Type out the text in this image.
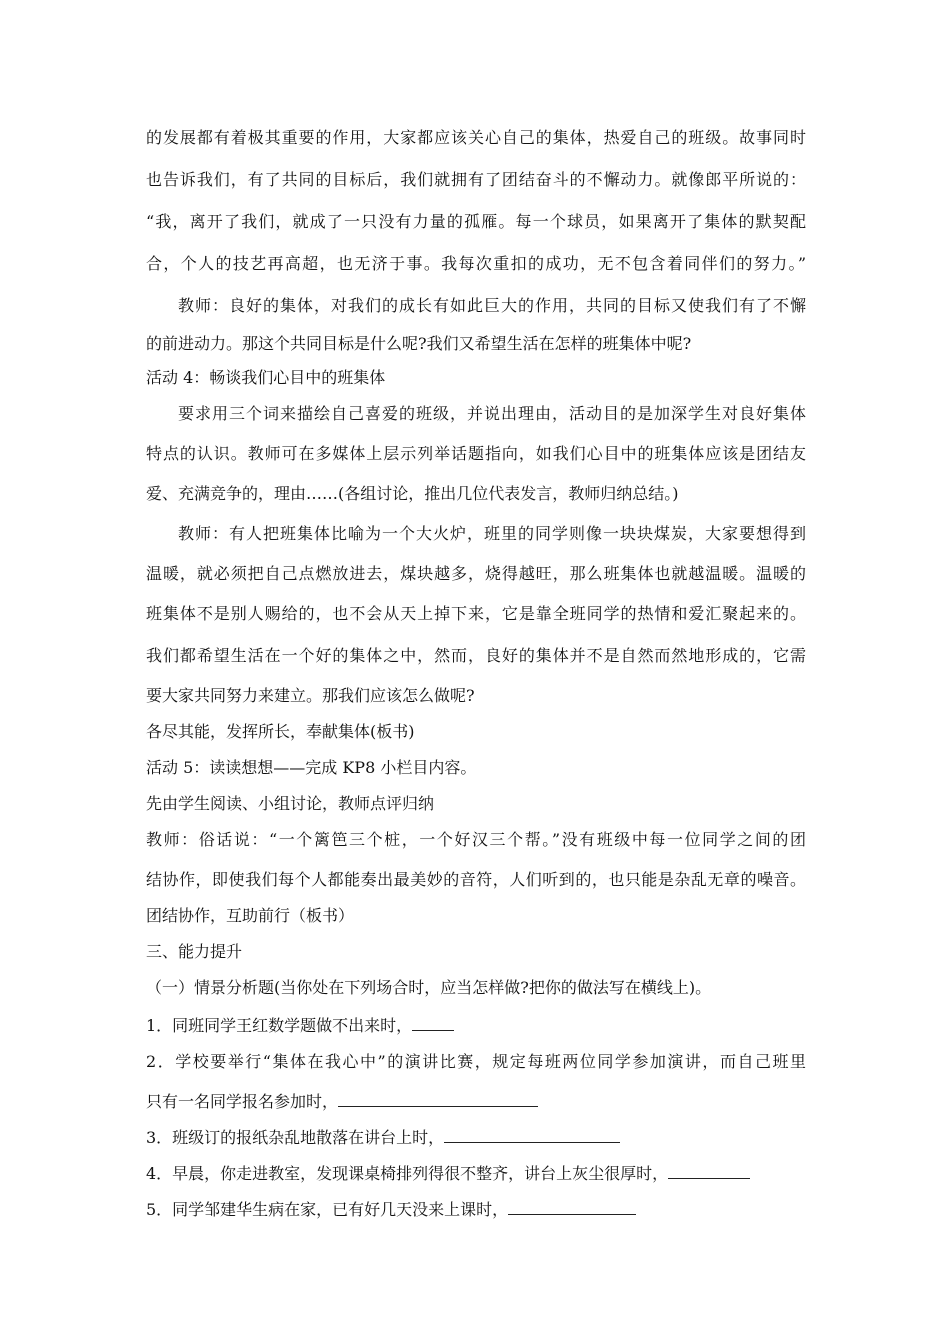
的发展都有着极其重要的作用，大家都应该关心自己的集体，热爱自己的班级。故事同时
也告诉我们，有了共同的目标后，我们就拥有了团结奋斗的不懈动力。就像郎平所说的：
“我，离开了我们，就成了一只没有力量的孤雁。每一个球员，如果离开了集体的默契配
合，个人的技艺再高超，也无济于事。我每次重扣的成功，无不包含着同伴们的努力。”
教师：良好的集体，对我们的成长有如此巨大的作用，共同的目标又使我们有了不懈
的前进动力。那这个共同目标是什么呢?我们又希望生活在怎样的班集体中呢?
活动 4：畅谈我们心目中的班集体
要求用三个词来描绘自己喜爱的班级，并说出理由，活动目的是加深学生对良好集体
特点的认识。教师可在多媒体上层示列举话题指向，如我们心目中的班集体应该是团结友
爱、充满竞争的，理由……(各组讨论，推出几位代表发言，教师归纳总结。)
教师：有人把班集体比喻为一个大火炉，班里的同学则像一块块煤炭，大家要想得到
温暖，就必须把自己点燃放进去，煤块越多，烧得越旺，那么班集体也就越温暖。温暖的
班集体不是别人赐给的，也不会从天上掉下来，它是靠全班同学的热情和爱汇聚起来的。
我们都希望生活在一个好的集体之中，然而，良好的集体并不是自然而然地形成的，它需
要大家共同努力来建立。那我们应该怎么做呢?
各尽其能，发挥所长，奉献集体(板书)
活动 5：读读想想——完成 KP8 小栏目内容。
先由学生阅读、小组讨论，教师点评归纳
教师：俗话说：“一个篱笆三个桩，一个好汉三个帮。”没有班级中每一位同学之间的团
结协作，即使我们每个人都能奏出最美妙的音符，人们听到的，也只能是杂乱无章的噪音。
团结协作，互助前行（板书）
三、能力提升
（一）情景分析题(当你处在下列场合时，应当怎样做?把你的做法写在横线上)。
1．同班同学王红数学题做不出来时，
2．学校要举行“集体在我心中”的演讲比赛，规定每班两位同学参加演讲，而自己班里
只有一名同学报名参加时，
3．班级订的报纸杂乱地散落在讲台上时，
4．早晨，你走进教室，发现课桌椅排列得很不整齐，讲台上灰尘很厚时，
5．同学邹建华生病在家，已有好几天没来上课时，
